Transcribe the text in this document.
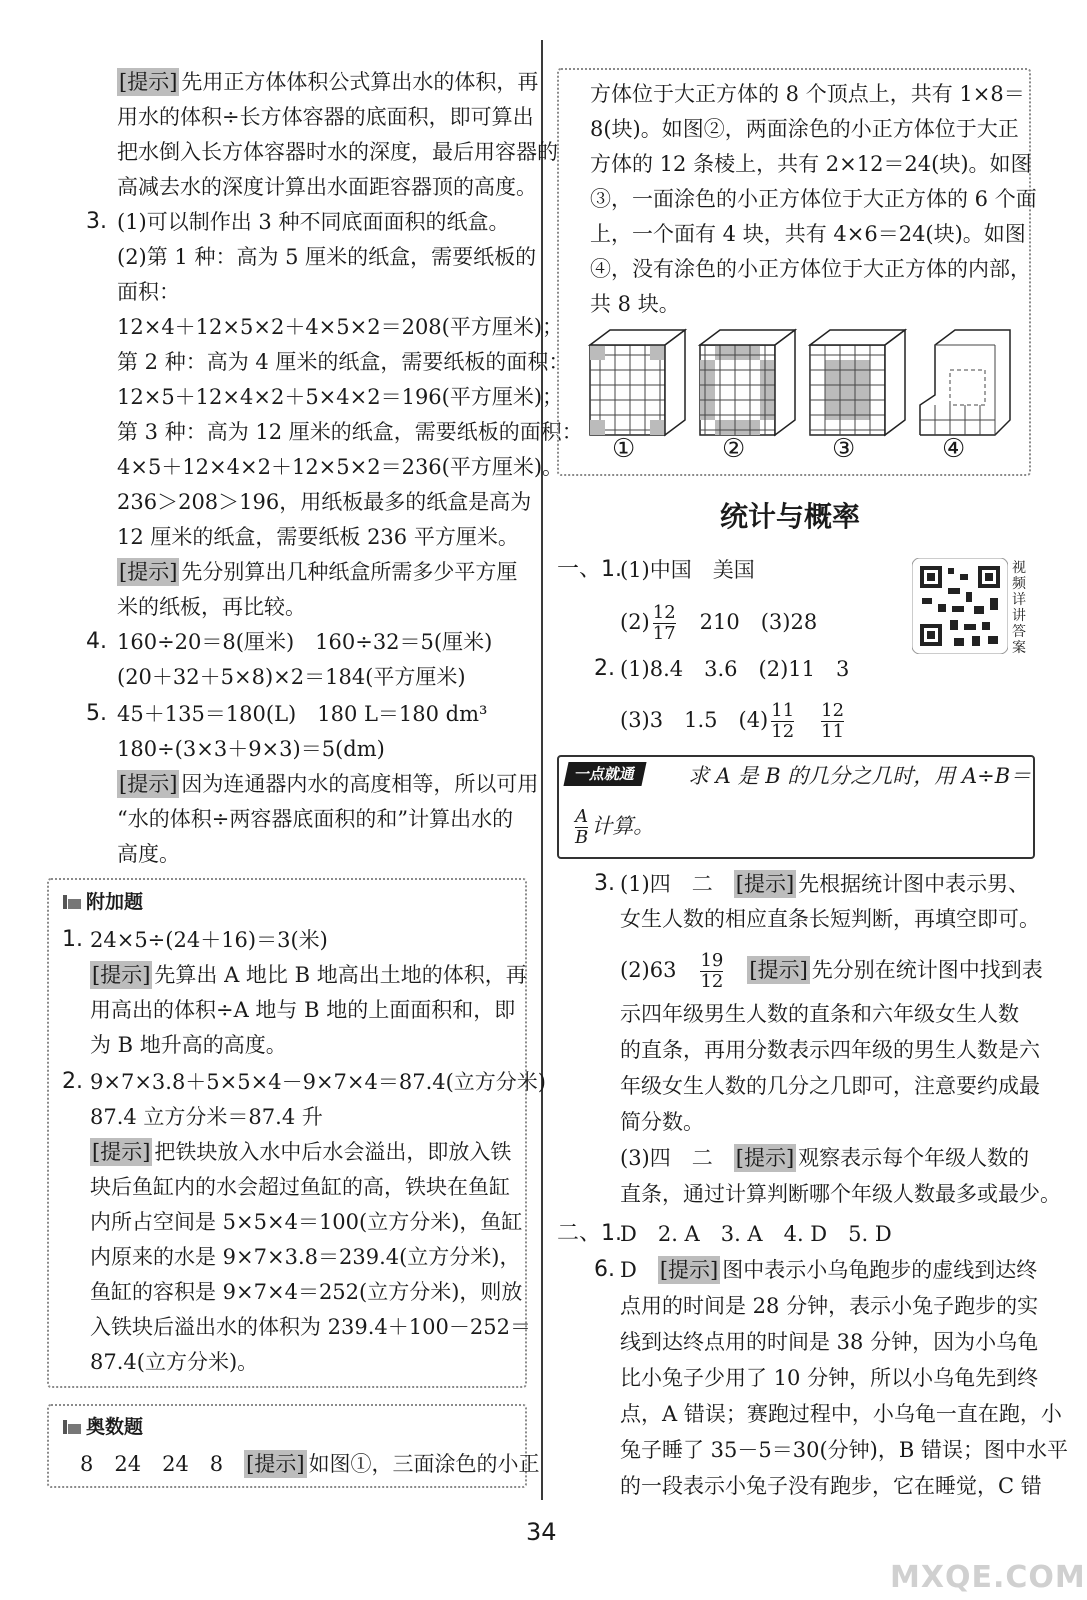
[提示] 先用正方体体积公式算出水的体积，再
用水的体积÷长方体容器的底面积，即可算出
把水倒入长方体容器时水的深度，最后用容器的
高减去水的深度计算出水面距容器顶的高度。
3. (1)可以制作出 3 种不同底面面积的纸盒。
(2)第 1 种：高为 5 厘米的纸盒，需要纸板的
面积：
12×4＋12×5×2＋4×5×2＝208(平方厘米)；
第 2 种：高为 4 厘米的纸盒，需要纸板的面积：
12×5＋12×4×2＋5×4×2＝196(平方厘米)；
第 3 种：高为 12 厘米的纸盒，需要纸板的面积：
4×5＋12×4×2＋12×5×2＝236(平方厘米)。
236＞208＞196，用纸板最多的纸盒是高为
12 厘米的纸盒，需要纸板 236 平方厘米。
[提示] 先分别算出几种纸盒所需多少平方厘
米的纸板，再比较。
4. 160÷20＝8(厘米)　160÷32＝5(厘米)
(20＋32＋5×8)×2＝184(平方厘米)
5. 45＋135＝180(L)　180 L＝180 dm³
180÷(3×3＋9×3)＝5(dm)
[提示] 因为连通器内水的高度相等，所以可用
“水的体积÷两容器底面积的和”计算出水的
高度。
附加题
1. 24×5÷(24＋16)＝3(米)
[提示] 先算出 A 地比 B 地高出土地的体积，再
用高出的体积÷A 地与 B 地的上面面积和，即
为 B 地升高的高度。
2. 9×7×3.8＋5×5×4－9×7×4＝87.4(立方分米)
87.4 立方分米＝87.4 升
[提示] 把铁块放入水中后水会溢出，即放入铁
块后鱼缸内的水会超过鱼缸的高，铁块在鱼缸
内所占空间是 5×5×4＝100(立方分米)，鱼缸
内原来的水是 9×7×3.8＝239.4(立方分米)，
鱼缸的容积是 9×7×4＝252(立方分米)，则放
入铁块后溢出水的体积为 239.4＋100－252＝
87.4(立方分米)。
奥数题
8　24　24　8　 [提示] 如图①，三面涂色的小正
方体位于大正方体的 8 个顶点上，共有 1×8＝
8(块)。如图②，两面涂色的小正方体位于大正
方体的 12 条棱上，共有 2×12＝24(块)。如图
③，一面涂色的小正方体位于大正方体的 6 个面
上，一个面有 4 块，共有 4×6＝24(块)。如图
④，没有涂色的小正方体位于大正方体的内部，
共 8 块。
①	②	③	④
统计与概率
视频详讲答案
一、1.
(1)中国　美国
$(2) \frac{12}{17}$ 　210　(3)28
2. (1)8.4　3.6　(2)11　3
(3)3　1.5　$(4) \frac{11}{12}$
　 $\frac{12}{11}$
一点就通	求 A 是 B 的几分之几时，用 A÷B＝
$\frac{A}{B}$ 计算。
3. (1)四　二　[提示] 先根据统计图中表示男、
女生人数的相应直条长短判断，再填空即可。
(2)63　 $\frac{19}{12}$
　 [提示] 先分别在统计图中找到表
示四年级男生人数的直条和六年级女生人数
的直条，再用分数表示四年级的男生人数是六
年级女生人数的几分之几即可，注意要约成最
简分数。
(3)四　二　[提示] 观察表示每个年级人数的
直条，通过计算判断哪个年级人数最多或最少。
二、1.
D　2. A　3. A　4. D　5. D
6. D　[提示] 图中表示小乌龟跑步的虚线到达终
点用的时间是 28 分钟，表示小兔子跑步的实
线到达终点用的时间是 38 分钟，因为小乌龟
比小兔子少用了 10 分钟，所以小乌龟先到终
点，A 错误；赛跑过程中，小乌龟一直在跑，小
兔子睡了 35－5＝30(分钟)，B 错误；图中水平
的一段表示小兔子没有跑步，它在睡觉，C 错
34
MXQE.COM
